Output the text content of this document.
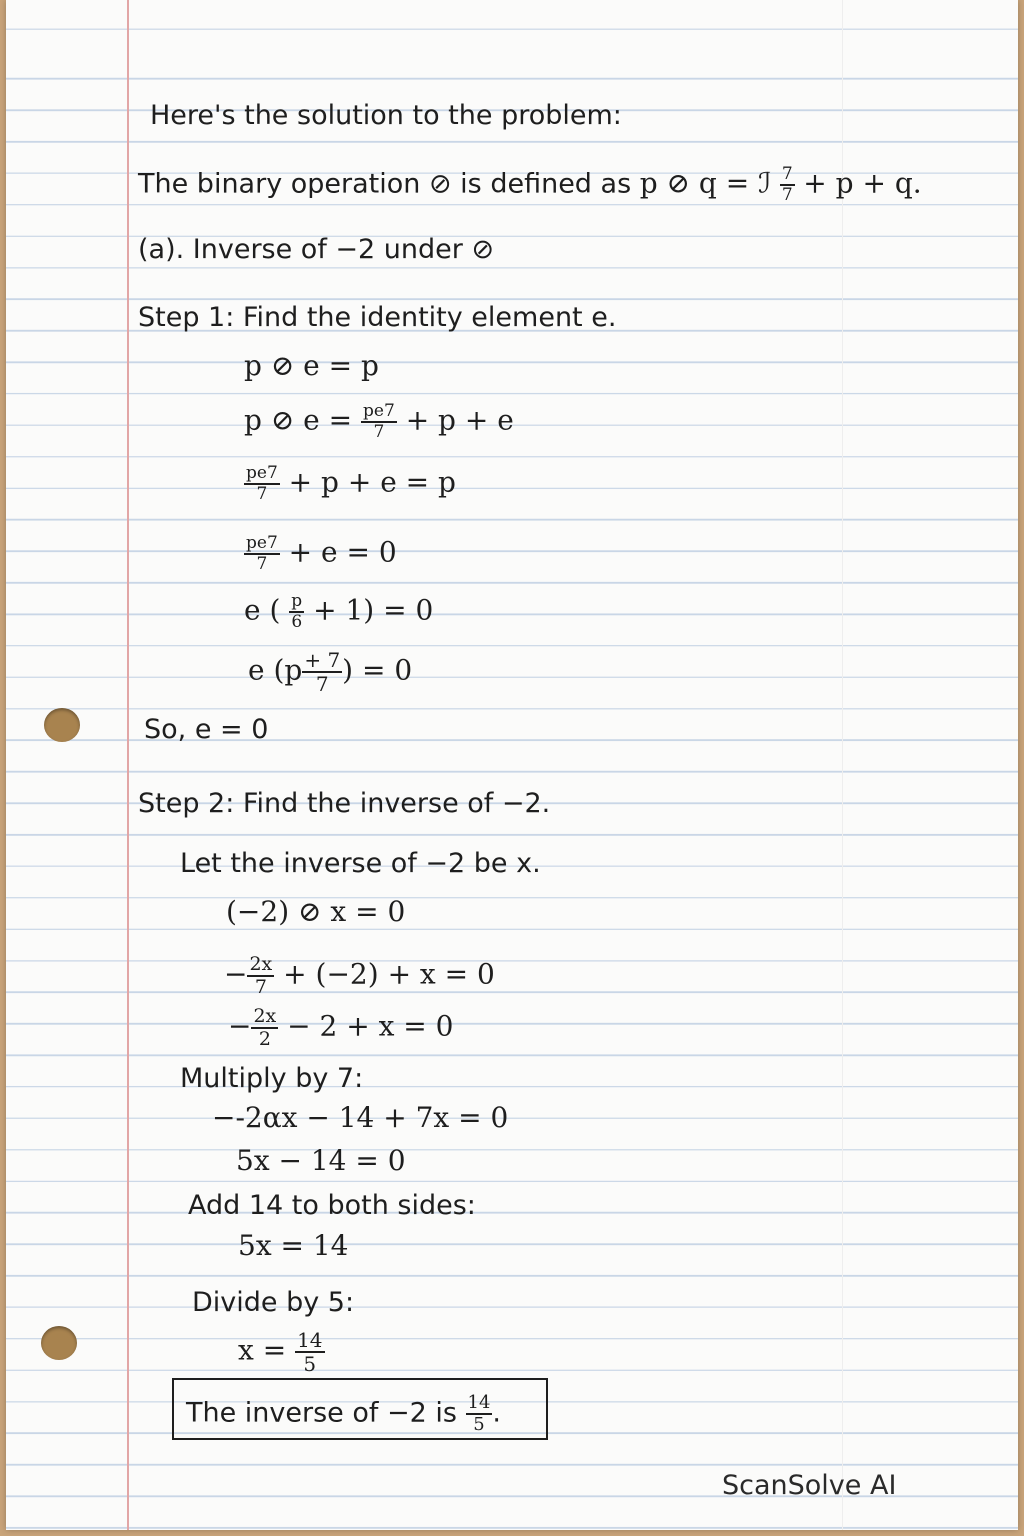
Here's the solution to the problem:
The binary operation ⊘ is defined as p ⊘ q = ℐ $\frac{7}{7} + p + q$.
(a). Inverse of −2 under ⊘
Step 1: Find the identity element e.
p ⊘ e = p
p ⊘ $e = \frac{pe7}{7} + p + e$
$\frac{pe7}{7} + p + e = p$
$\frac{pe7}{7} + e = 0$
e ( $\frac{p}{6} + 1) = 0$
e ($p \frac{+ 7}{7}$ ) = 0
So, e = 0
Step 2: Find the inverse of −2.
Let the inverse of −2 be x.
(−2) ⊘ x = 0
− $\frac{2x}{7} + (-2) + x = 0$
− $\frac{2x}{2} - 2 + x = 0$
Multiply by 7:
−-2αx − 14 + 7x = 0
5x − 14 = 0
Add 14 to both sides:
5x = 14
Divide by 5:
$x = \frac{14}{5}$
The inverse of −2 is $\frac{14}{5}$ .
ScanSolve AI
